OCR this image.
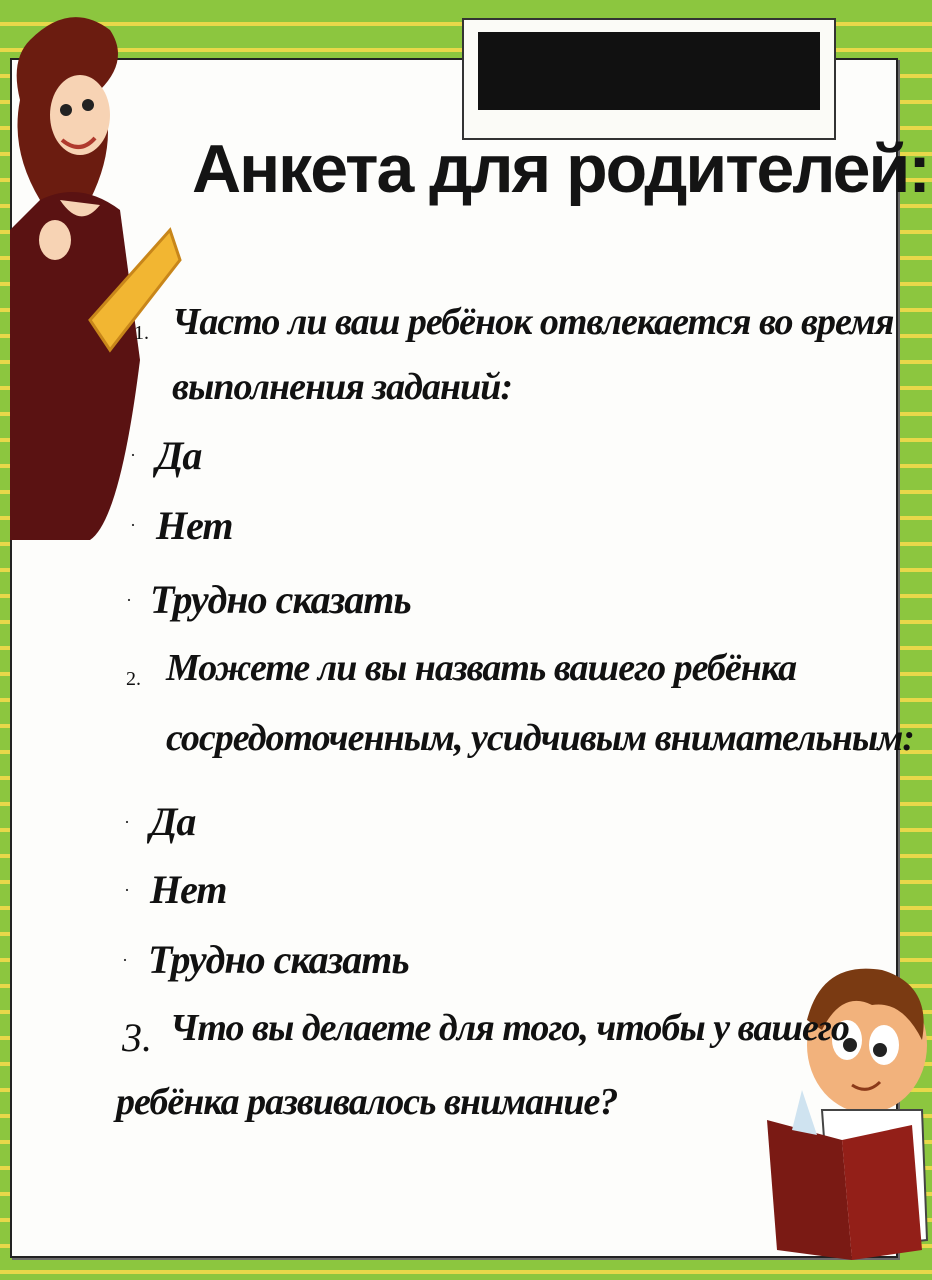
Анкета для родителей:
1. Часто ли ваш ребёнок отвлекается во время
выполнения заданий:
· Да
· Нет
· Трудно сказать
2. Можете ли вы назвать вашего ребёнка
сосредоточенным, усидчивым внимательным:
· Да
· Нет
· Трудно сказать
3. Что вы делаете для того, чтобы у вашего
ребёнка развивалось внимание?
